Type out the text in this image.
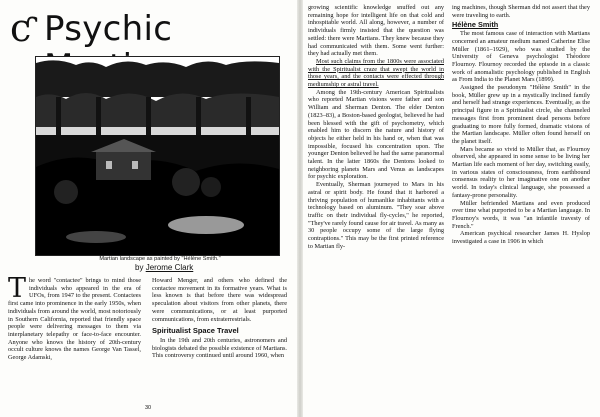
ƈ Psychic
Martian landscape as painted by "Hélène Smith."
by Jerome Clark
T he word "contactee" brings to mind those individuals who appeared in the era of UFOs, from 1947 to the present. Contactees first came into prominence in the early 1950s, when individuals from around the world, most notoriously in Southern California, reported that friendly space people were delivering messages to them via interplanetary telepathy or face-to-face encounter. Anyone who knows the history of 20th-century occult culture knows the names George Van Tassel, George Adamski,

Howard Menger, and others who defined the contactee movement in its formative years. What is less known is that before there was widespread speculation about visitors from other planets, there were communications, or at least purported communications, from extraterrestrials.

Spiritualist Space Travel

In the 19th and 20th centuries, astronomers and biologists debated the possible existence of Martians. This controversy continued until around 1960, when

30

growing scientific knowledge snuffed out any remaining hope for intelligent life on that cold and inhospitable world. All along, however, a number of individuals firmly insisted that the question was settled: there were Martians. They knew because they had communicated with them. Some went further: they had actually met them.

Most such claims from the 1800s were associated with the Spiritualist craze that swept the world in those years, and the contacts were effected through mediumship or astral travel.

Among the 19th-century American Spiritualists who reported Martian visions were father and son William and Sherman Denton. The elder Denton (1823–83), a Boston-based geologist, believed he had been blessed with the gift of psychometry, which enabled him to discern the nature and history of objects he either held in his hand or, when that was impossible, focused his concentration upon. The younger Denton believed he had the same paranormal talent. In the latter 1860s the Dentons looked to neighboring planets Mars and Venus as landscapes for psychic exploration.

Eventually, Sherman journeyed to Mars in his astral or spirit body. He found that it harbored a thriving population of humanlike inhabitants with a technology based on aluminum. "They soar above traffic on their individual fly-cycles," he reported, "They've rarely found cause for air travel. As many as 30 people occupy some of the large flying contraptions." This may be the first printed reference to Martian fly-

ing machines, though Sherman did not assert that they were traveling to earth.

Hélène Smith

The most famous case of interaction with Martians concerned an amateur medium named Catherine Elise Müller (1861–1929), who was studied by the University of Geneva psychologist Théodore Flournoy. Flournoy recorded the episode in a classic work of anomalistic psychology published in English as From India to the Planet Mars (1899).

Assigned the pseudonym "Hélène Smith" in the book, Müller grew up in a mystically inclined family and herself had strange experiences. Eventually, as the principal figure in a Spiritualist circle, she channeled messages first from prominent dead persons before graduating to more fully formed, dramatic visions of the Martian landscape. Müller often found herself on the planet itself.

Mars became so vivid to Müller that, as Flournoy observed, she appeared in some sense to be living her Martian life each moment of her day, switching easily, in various states of consciousness, from earthbound consensus reality to her imaginative one on another world. In today's clinical language, she possessed a fantasy-prone personality.

Müller befriended Martians and even produced over time what purported to be a Martian language. In Flournoy's words, it was "an infantile travesty of French."

American psychical researcher James H. Hyslop investigated a case in 1906 in which
